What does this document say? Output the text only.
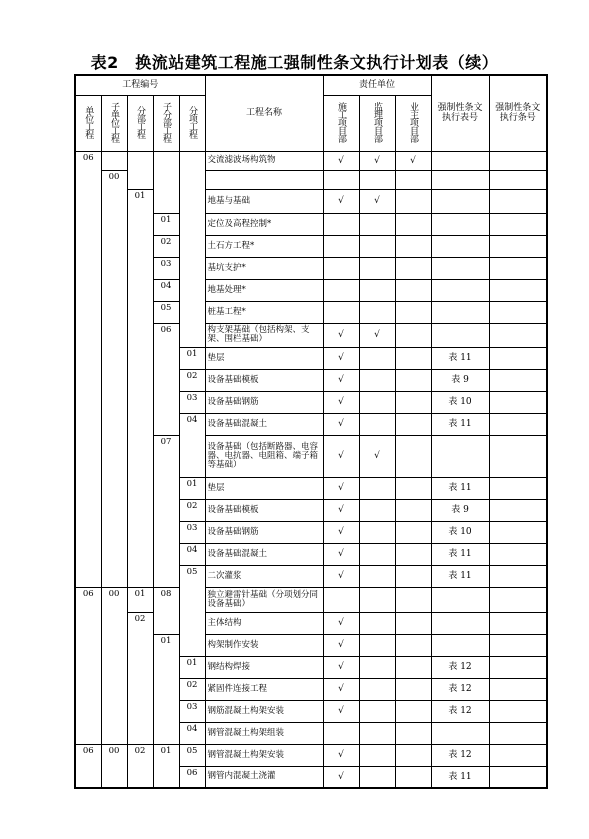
表2　换流站建筑工程施工强制性条文执行计划表（续）
工程编号					工程名称	责任单位			强制性条文执行表号	强制性条文执行条号
单位工程	子单位工程	分部工程	子分部工程	分项工程		施工项目部	监理项目部	业主项目部		
06					交流滤波场构筑物	√	√	√		
	00									
		01			地基与基础	√	√			
			01		定位及高程控制*					
			02		土石方工程*					
			03		基坑支护*					
			04		地基处理*					
			05		桩基工程*					
			06		构支架基础（包括构架、支架、围栏基础）	√	√			
				01	垫层	√			表 11	
				02	设备基础模板	√			表 9	
				03	设备基础钢筋	√			表 10	
				04	设备基础混凝土	√			表 11	
			07		设备基础（包括断路器、电容器、电抗器、电阻箱、端子箱等基础）	√	√			
				01	垫层	√			表 11	
				02	设备基础模板	√			表 9	
				03	设备基础钢筋	√			表 10	
				04	设备基础混凝土	√			表 11	
				05	二次灌浆	√			表 11	
06	00	01	08		独立避雷针基础（分项划分同设备基础）					
		02			主体结构	√				
			01		构架制作安装	√				
				01	钢结构焊接	√			表 12	
				02	紧固件连接工程	√			表 12	
				03	钢筋混凝土构架安装	√			表 12	
				04	钢管混凝土构架组装					
06	00	02	01	05	钢管混凝土构架安装	√			表 12	
				06	钢管内混凝土浇灌	√			表 11	
